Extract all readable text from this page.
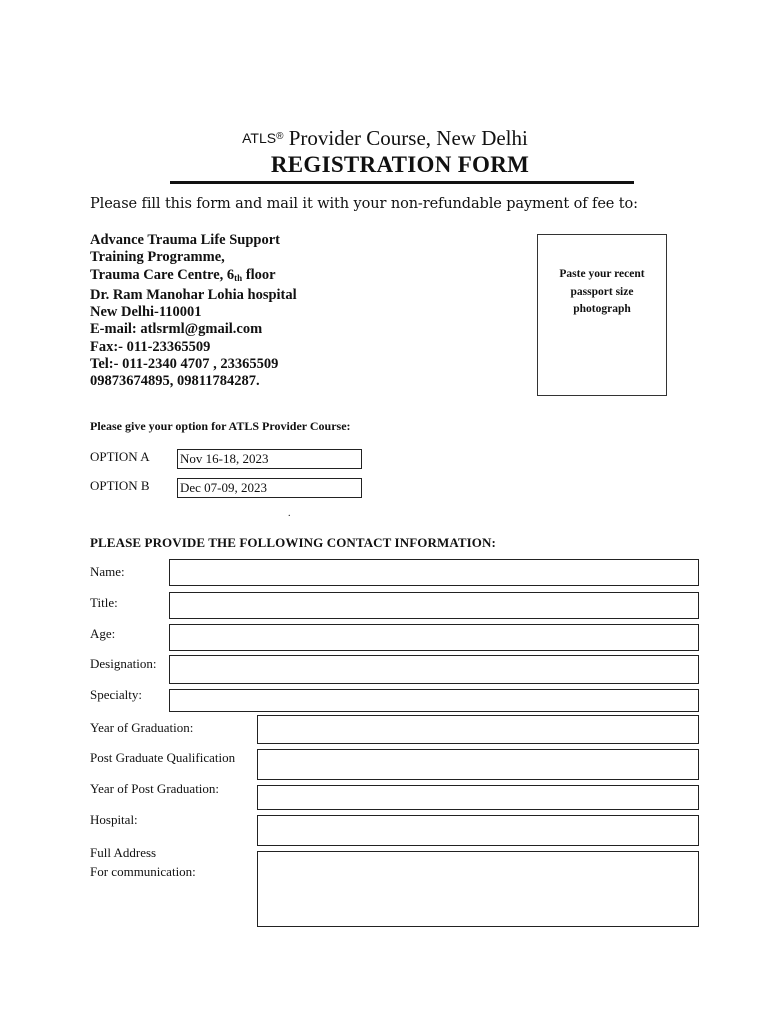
ATLS® Provider Course, New Delhi
REGISTRATION FORM
Please fill this form and mail it with your non-refundable payment of fee to:
Advance Trauma Life Support
Training Programme,
Trauma Care Centre, $6_{th}$ floor
Dr. Ram Manohar Lohia hospital
New Delhi-110001
E-mail: atlsrml@gmail.com
Fax:- 011-23365509
Tel:- 011-2340 4707 , 23365509
09873674895, 09811784287.
Paste your recent
passport size
photograph
Please give your option for ATLS Provider Course:
OPTION A Nov 16-18, 2023
OPTION B Dec 07-09, 2023
.
PLEASE PROVIDE THE FOLLOWING CONTACT INFORMATION:
Name:
Title:
Age:
Designation:
Specialty:
Year of Graduation:
Post Graduate Qualification
Year of Post Graduation:
Hospital:
Full Address
For communication:
